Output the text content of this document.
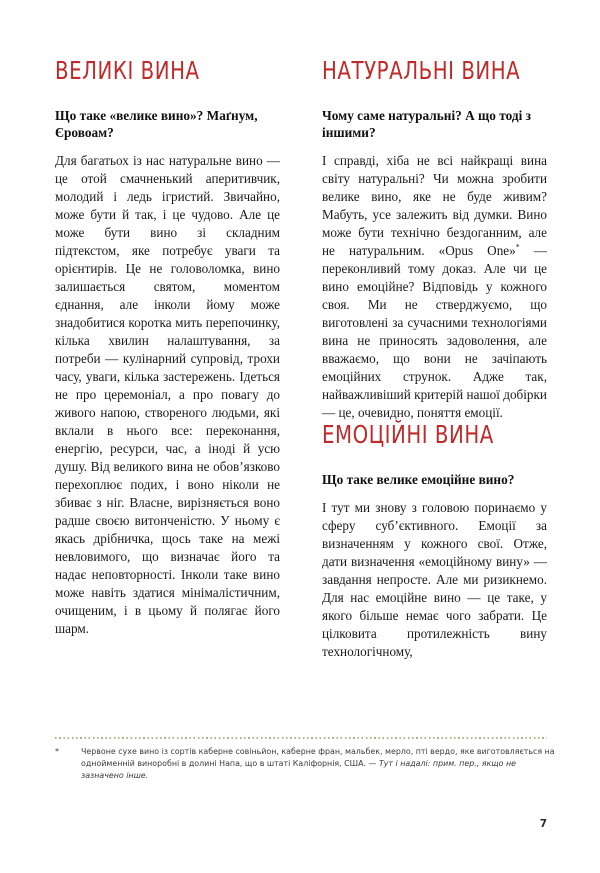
ВЕЛИКІ ВИНА
Що таке «велике вино»? Маґнум, Єровоам?

Для багатьох із нас натуральне вино — це отой смачненький аперитивчик, молодий і ледь ігристий. Звичайно, може бути й так, і це чудово. Але це може бути вино зі складним підтекстом, яке потребує уваги та орієнтирів. Це не головоломка, вино залишається святом, моментом єднання, але інколи йому може знадобитися коротка мить перепочинку, кілька хвилин налаштування, за потреби — кулінарний супровід, трохи часу, уваги, кілька застережень. Ідеться не про церемоніал, а про повагу до живого напою, створеного людьми, які вклали в нього все: переконання, енергію, ресурси, час, а іноді й усю душу. Від великого вина не обов’язково перехоплює подих, і воно ніколи не збиває з ніг. Власне, вирізняється воно радше своєю витонченістю. У ньому є якась дрібничка, щось таке на межі невловимого, що визначає його та надає неповторності. Інколи таке вино може навіть здатися мінімалістичним, очищеним, і в цьому й полягає його шарм.

НАТУРАЛЬНІ ВИНА
Чому саме натуральні? А що тоді з іншими?

І справді, хіба не всі найкращі вина світу натуральні? Чи можна зробити велике вино, яке не буде живим? Мабуть, усе залежить від думки. Вино може бути технічно бездоганним, але не натуральним. «Opus One»* — переконливий тому доказ. Але чи це вино емоційне? Відповідь у кожного своя. Ми не стверджуємо, що виготовлені за сучасними технологіями вина не приносять задоволення, але вважаємо, що вони не зачіпають емоційних струнок. Адже так, найважливіший критерій нашої добірки — це, очевидно, поняття емоції.

ЕМОЦІЙНІ ВИНА
Що таке велике емоційне вино?

І тут ми знову з головою поринаємо у сферу суб’єктивного. Емоції за визначенням у кожного свої. Отже, дати визначення «емоційному вину» — завдання непросте. Але ми ризикнемо. Для нас емоційне вино — це таке, у якого більше немає чого забрати. Це цілковита протилежність вину технологічному,

*	Червоне сухе вино із сортів каберне совіньйон, каберне фран, мальбек, мерло, пті вердо, яке виготовляється на однойменній виноробні в долині Напа, що в штаті Каліфорнія, США. — Тут і надалі: прим. пер., якщо не зазначено інше.
7
